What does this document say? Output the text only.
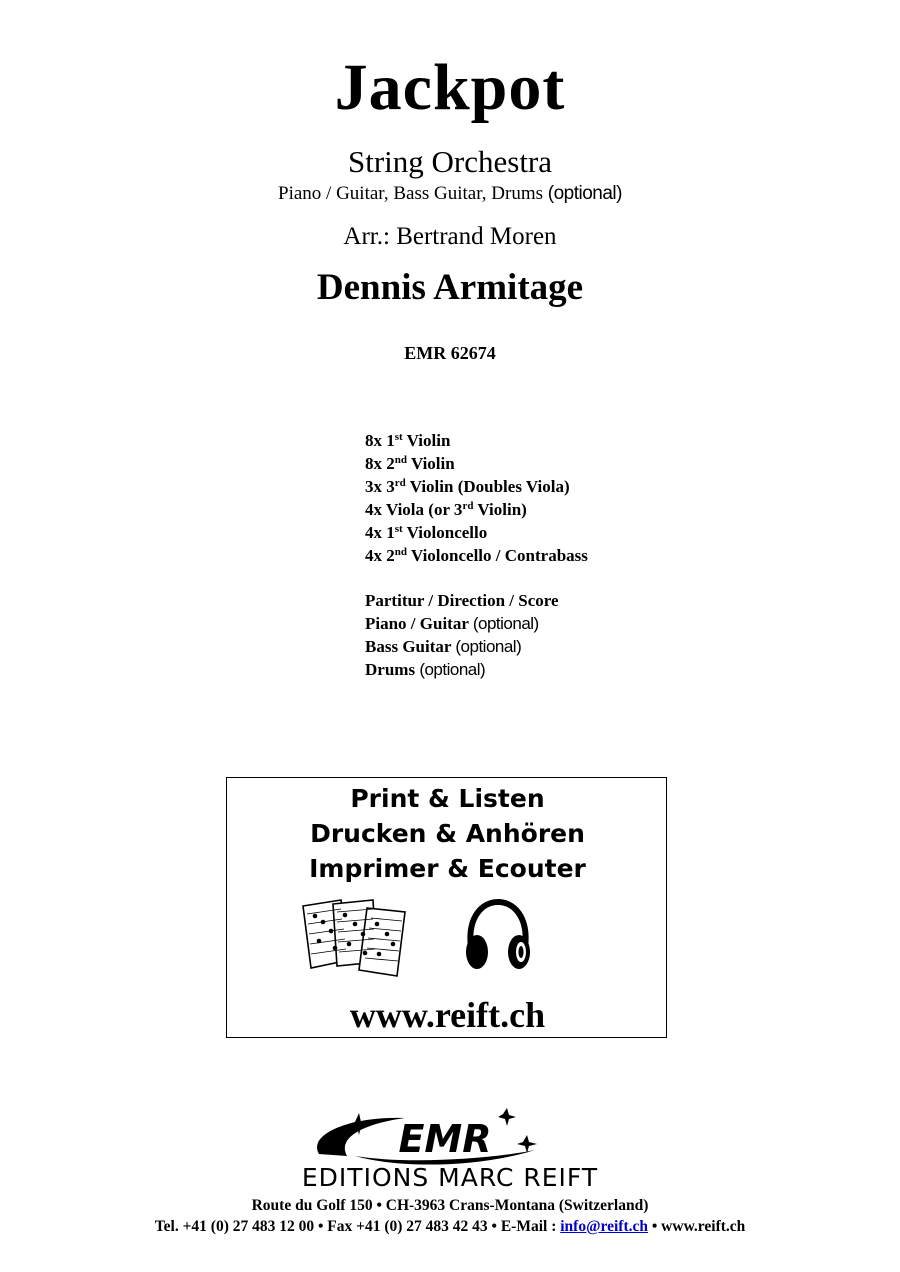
Jackpot
String Orchestra
Piano / Guitar, Bass Guitar, Drums (optional)
Arr.: Bertrand Moren
Dennis Armitage
EMR 62674
8x 1st Violin
8x 2nd Violin
3x 3rd Violin (Doubles Viola)
4x Viola (or 3rd Violin)
4x 1st Violoncello
4x 2nd Violoncello / Contrabass
Partitur / Direction / Score
Piano / Guitar (optional)
Bass Guitar (optional)
Drums (optional)
Print & Listen
Drucken & Anhören
Imprimer & Ecouter
www.reift.ch
EMR
EDITIONS MARC REIFT
Route du Golf 150 • CH-3963 Crans-Montana (Switzerland)
Tel. +41 (0) 27 483 12 00 • Fax +41 (0) 27 483 42 43 • E-Mail : info@reift.ch • www.reift.ch
